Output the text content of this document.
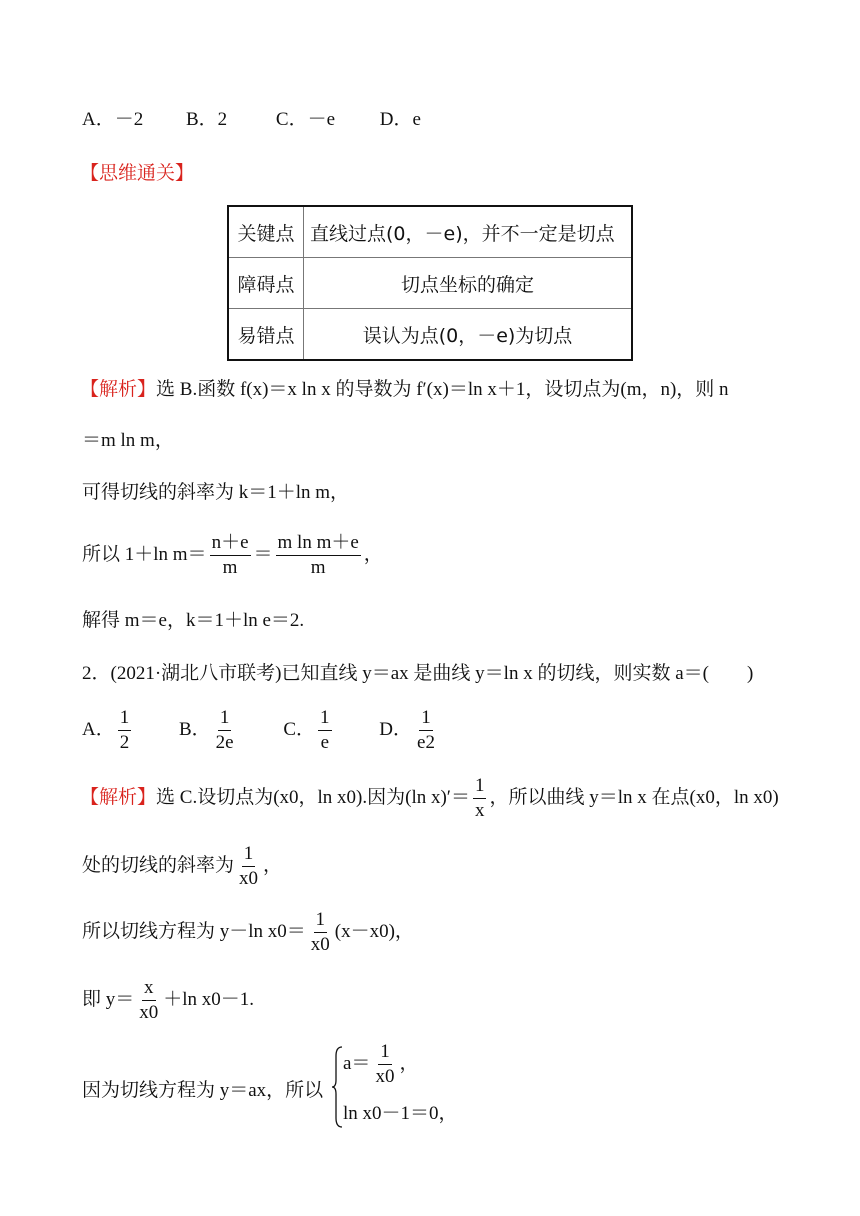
A．－2 B．2	C．－e D．e
【思维通关】
关键点	直线过点(0，－e)，并不一定是切点
障碍点	切点坐标的确定
易错点	误认为点(0，－e)为切点
【解析】选 B.函数 f(x)＝x ln x 的导数为 f′(x)＝ln x＋1，设切点为(m，n)，则 n
＝m ln m，
可得切线的斜率为 k＝1＋ln m，
所以 1＋ln $m= \frac{n+e}{m} = \frac{\text{m ln m＋e}}{m}$ ，
解得 m＝e，k＝1＋ln e＝2.
2．(2021·湖北八市联考)已知直线 y＝ax 是曲线 y＝ln x 的切线，则实数 a＝(　　)
A． $\frac{1}{2}$	B． $\frac{1}{2e}$	C． $\frac{1}{e}$	D． $\frac{1}{e2}$
【解析】选 C.设切点为(x0，ln x0).因为(ln $x)'= \frac{1}{x}$ ，所以曲线 y＝ln x 在点(x0，ln x0)
处的切线的斜率为 $\frac{1}{x0}$ ，
所以切线方程为 y－ln $x0= \frac{1}{x0} (x-x0)$，
即 $y= \frac{x}{x0} +\ln$ x0－1.
因为切线方程为 y＝ax，所以
$a= \frac{1}{x0}$ ，
ln x0－1＝0，
